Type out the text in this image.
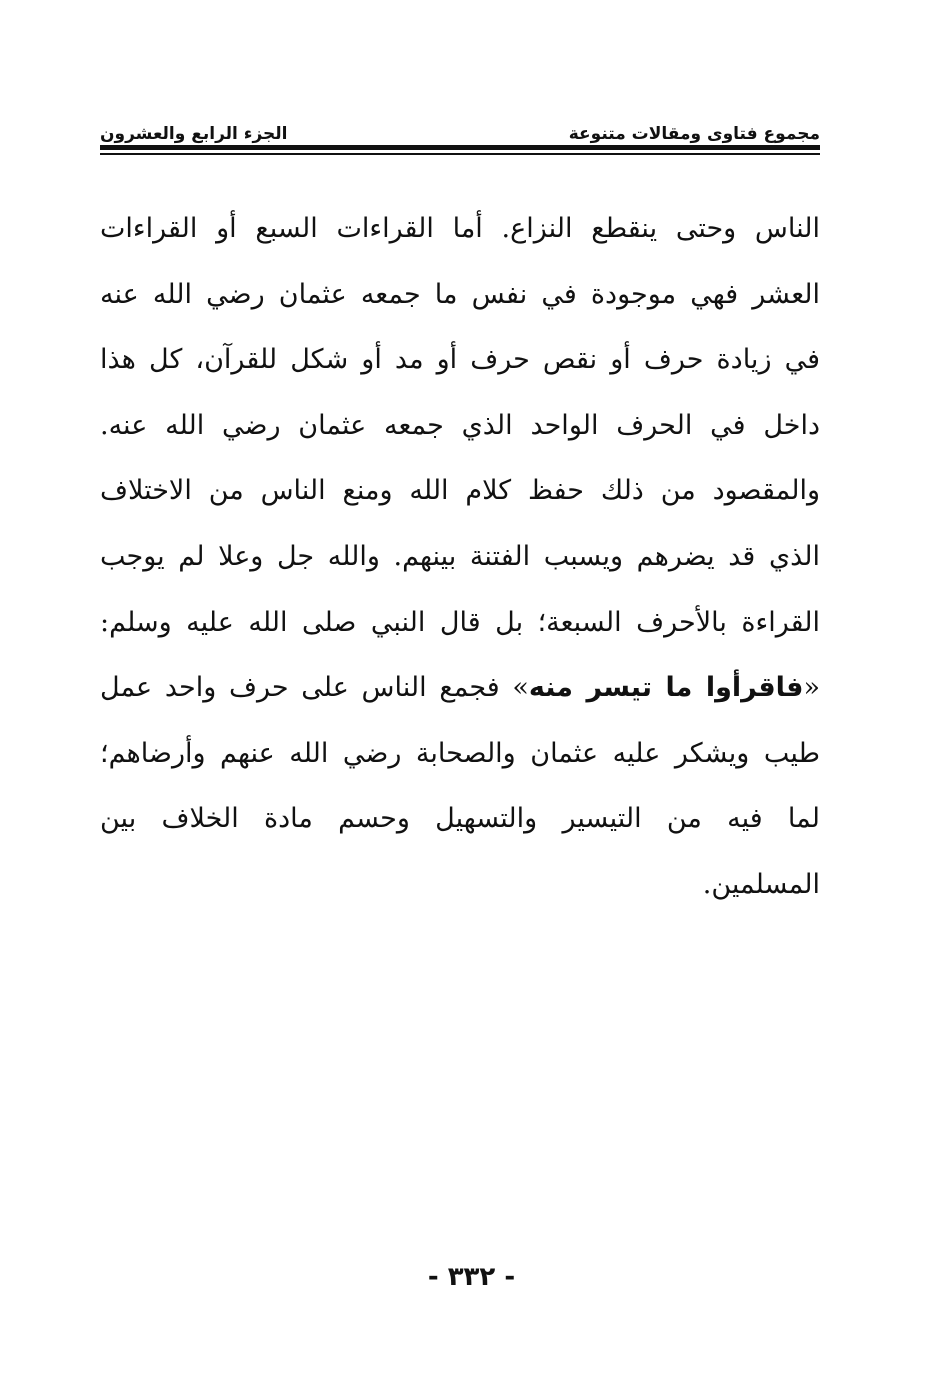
مجموع فتاوى ومقالات متنوعة
الجزء الرابع والعشرون
الناس وحتى ينقطع النزاع. أما القراءات السبع أو القراءات العشر فهي موجودة في نفس ما جمعه عثمان رضي الله عنه في زيادة حرف أو نقص حرف أو مد أو شكل للقرآن، كل هذا داخل في الحرف الواحد الذي جمعه عثمان رضي الله عنه. والمقصود من ذلك حفظ كلام الله ومنع الناس من الاختلاف الذي قد يضرهم ويسبب الفتنة بينهم. والله جل وعلا لم يوجب القراءة بالأحرف السبعة؛ بل قال النبي صلى الله عليه وسلم: «فاقرأوا ما تيسر منه» فجمع الناس على حرف واحد عمل طيب ويشكر عليه عثمان والصحابة رضي الله عنهم وأرضاهم؛ لما فيه من التيسير والتسهيل وحسم مادة الخلاف بين المسلمين.
- ٣٣٢ -
